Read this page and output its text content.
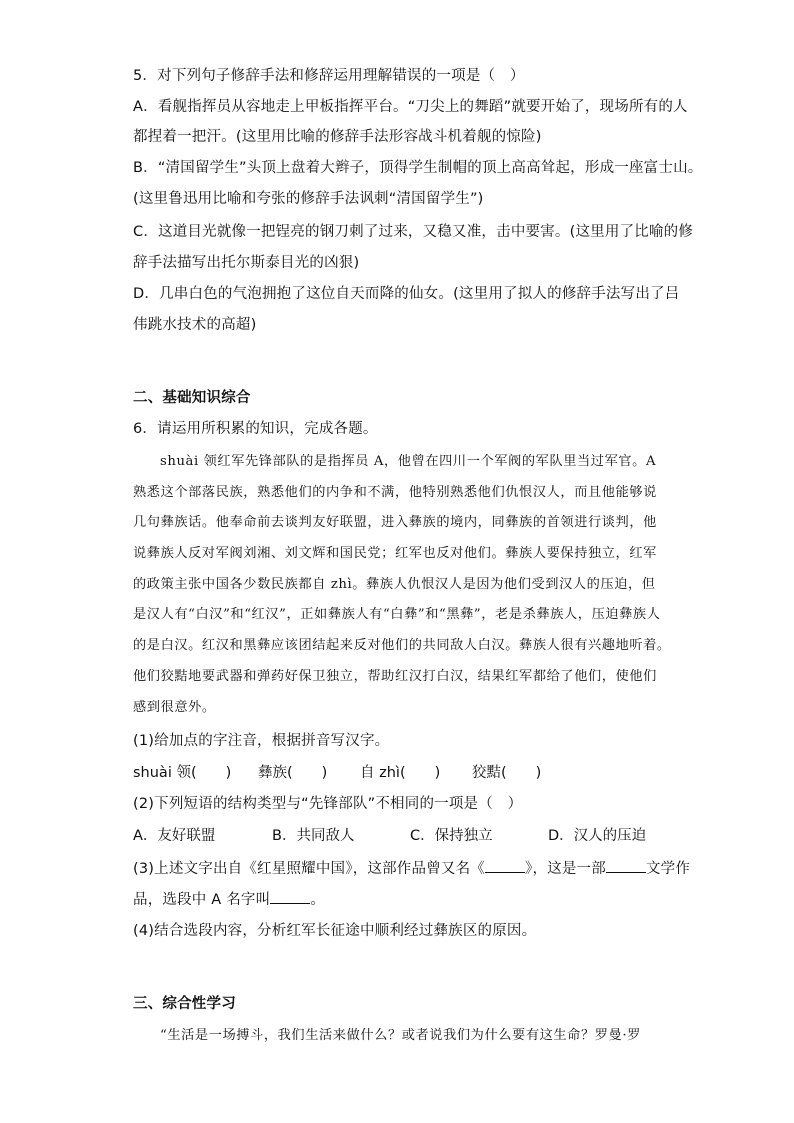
5．对下列句子修辞手法和修辞运用理解错误的一项是（　）
A．看舰指挥员从容地走上甲板指挥平台。“刀尖上的舞蹈”就要开始了，现场所有的人
都捏着一把汗。(这里用比喻的修辞手法形容战斗机着舰的惊险)
B．“清国留学生”头顶上盘着大辫子，顶得学生制帽的顶上高高耸起，形成一座富士山。
(这里鲁迅用比喻和夸张的修辞手法讽刺“清国留学生”)
C．这道目光就像一把锃亮的钢刀刺了过来，又稳又准，击中要害。(这里用了比喻的修
辞手法描写出托尔斯泰目光的凶狠)
D．几串白色的气泡拥抱了这位自天而降的仙女。(这里用了拟人的修辞手法写出了吕
伟跳水技术的高超)
二、基础知识综合
6．请运用所积累的知识，完成各题。
shuài 领红军先锋部队的是指挥员 A，他曾在四川一个军阀的军队里当过军官。A
熟悉这个部落民族，熟悉他们的内争和不满，他特别熟悉他们仇恨汉人，而且他能够说
几句彝族话。他奉命前去谈判友好联盟，进入彝族的境内，同彝族的首领进行谈判，他
说彝族人反对军阀刘湘、刘文辉和国民党；红军也反对他们。彝族人要保持独立，红军
的政策主张中国各少数民族都自 zhì。彝族人仇恨汉人是因为他们受到汉人的压迫，但
是汉人有“白汉”和“红汉”，正如彝族人有“白彝”和“黑彝”，老是杀彝族人，压迫彝族人
的是白汉。红汉和黑彝应该团结起来反对他们的共同敌人白汉。彝族人很有兴趣地听着。
他们狡黠地要武器和弹药好保卫独立，帮助红汉打白汉，结果红军都给了他们，使他们
感到很意外。
(1)给加点的字注音，根据拼音写汉字。
shuài 领(　　) 彝族(　　) 自 zhì(　　) 狡黠(　　)
(2)下列短语的结构类型与“先锋部队”不相同的一项是（　）
A．友好联盟	B．共同敌人	C．保持独立	D．汉人的压迫
(3)上述文字出自《红星照耀中国》，这部作品曾又名《	》，这是一部	文学作
品，选段中 A 名字叫	。
(4)结合选段内容，分析红军长征途中顺利经过彝族区的原因。
三、综合性学习
“生活是一场搏斗，我们生活来做什么？或者说我们为什么要有这生命？罗曼·罗
